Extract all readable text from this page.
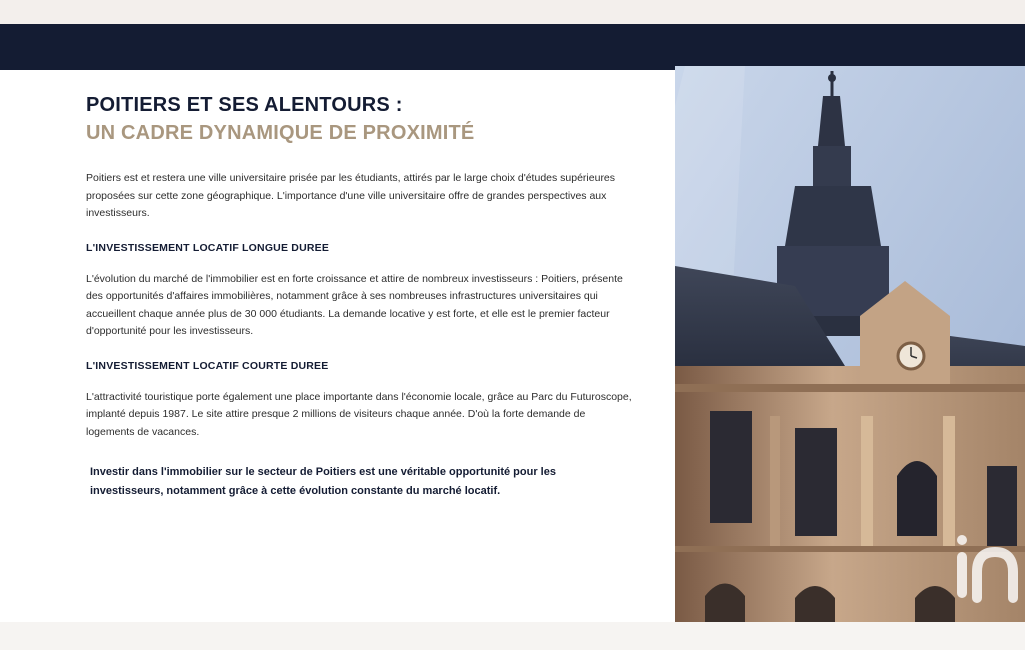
POITIERS ET SES ALENTOURS :
UN CADRE DYNAMIQUE DE PROXIMITÉ

Poitiers est et restera une ville universitaire prisée par les étudiants, attirés par le large choix d'études supérieures proposées sur cette zone géographique. L'importance d'une ville universitaire offre de grandes perspectives aux investisseurs.

L'INVESTISSEMENT LOCATIF LONGUE DUREE

L'évolution du marché de l'immobilier est en forte croissance et attire de nombreux investisseurs : Poitiers, présente des opportunités d'affaires immobilières, notamment grâce à ses nombreuses infrastructures universitaires qui accueillent chaque année plus de 30 000 étudiants. La demande locative y est forte, et elle est le premier facteur d'opportunité pour les investisseurs.

L'INVESTISSEMENT LOCATIF COURTE DUREE

L'attractivité touristique porte également une place importante dans l'économie locale, grâce au Parc du Futuroscope, implanté depuis 1987. Le site attire presque 2 millions de visiteurs chaque année. D'où la forte demande de logements de vacances.

Investir dans l'immobilier sur le secteur de Poitiers est une véritable opportunité pour les investisseurs, notamment grâce à cette évolution constante du marché locatif.
